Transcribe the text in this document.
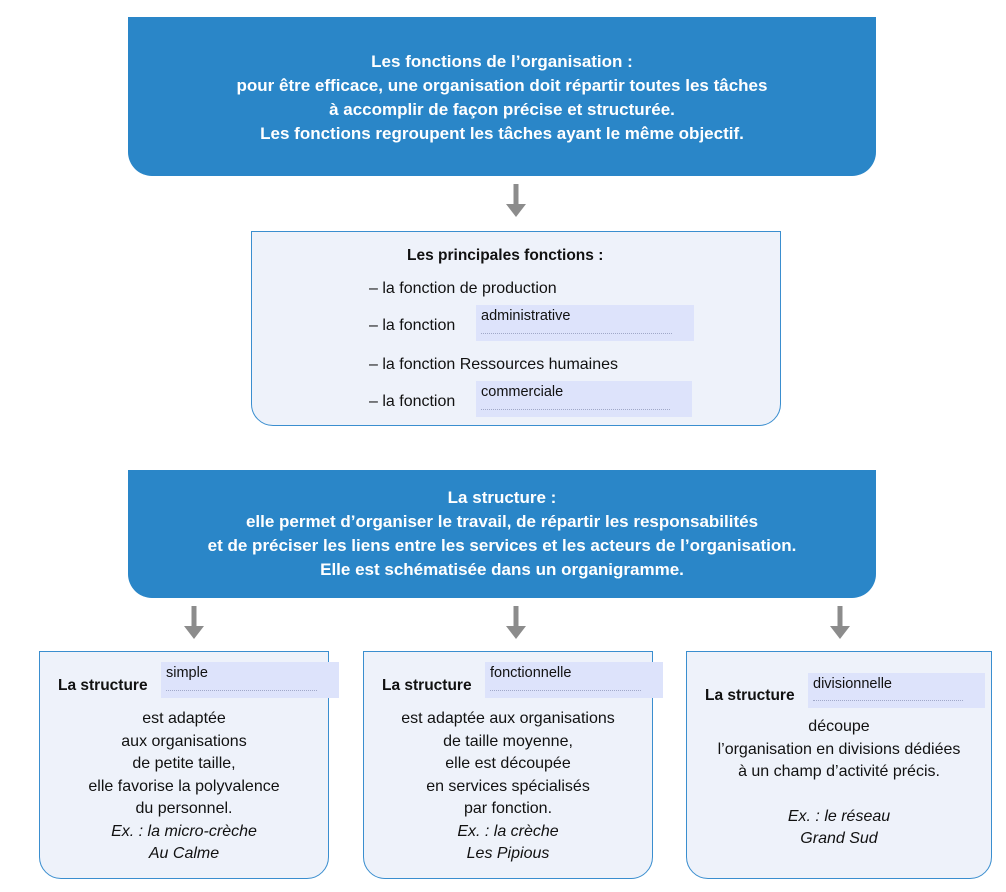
Les fonctions de l’organisation :
pour être efficace, une organisation doit répartir toutes les tâches
à accomplir de façon précise et structurée.
Les fonctions regroupent les tâches ayant le même objectif.
Les principales fonctions :
– la fonction de production
– la fonction
administrative
– la fonction Ressources humaines
– la fonction
commerciale
La structure :
elle permet d’organiser le travail, de répartir les responsabilités
et de préciser les liens entre les services et les acteurs de l’organisation.
Elle est schématisée dans un organigramme.
La structure
simple
est adaptée
aux organisations
de petite taille,
elle favorise la polyvalence
du personnel.
Ex. : la micro-crèche
Au Calme
La structure
fonctionnelle
est adaptée aux organisations
de taille moyenne,
elle est découpée
en services spécialisés
par fonction.
Ex. : la crèche
Les Pipious
La structure
divisionnelle
découpe
l’organisation en divisions dédiées
à un champ d’activité précis.
Ex. : le réseau
Grand Sud
